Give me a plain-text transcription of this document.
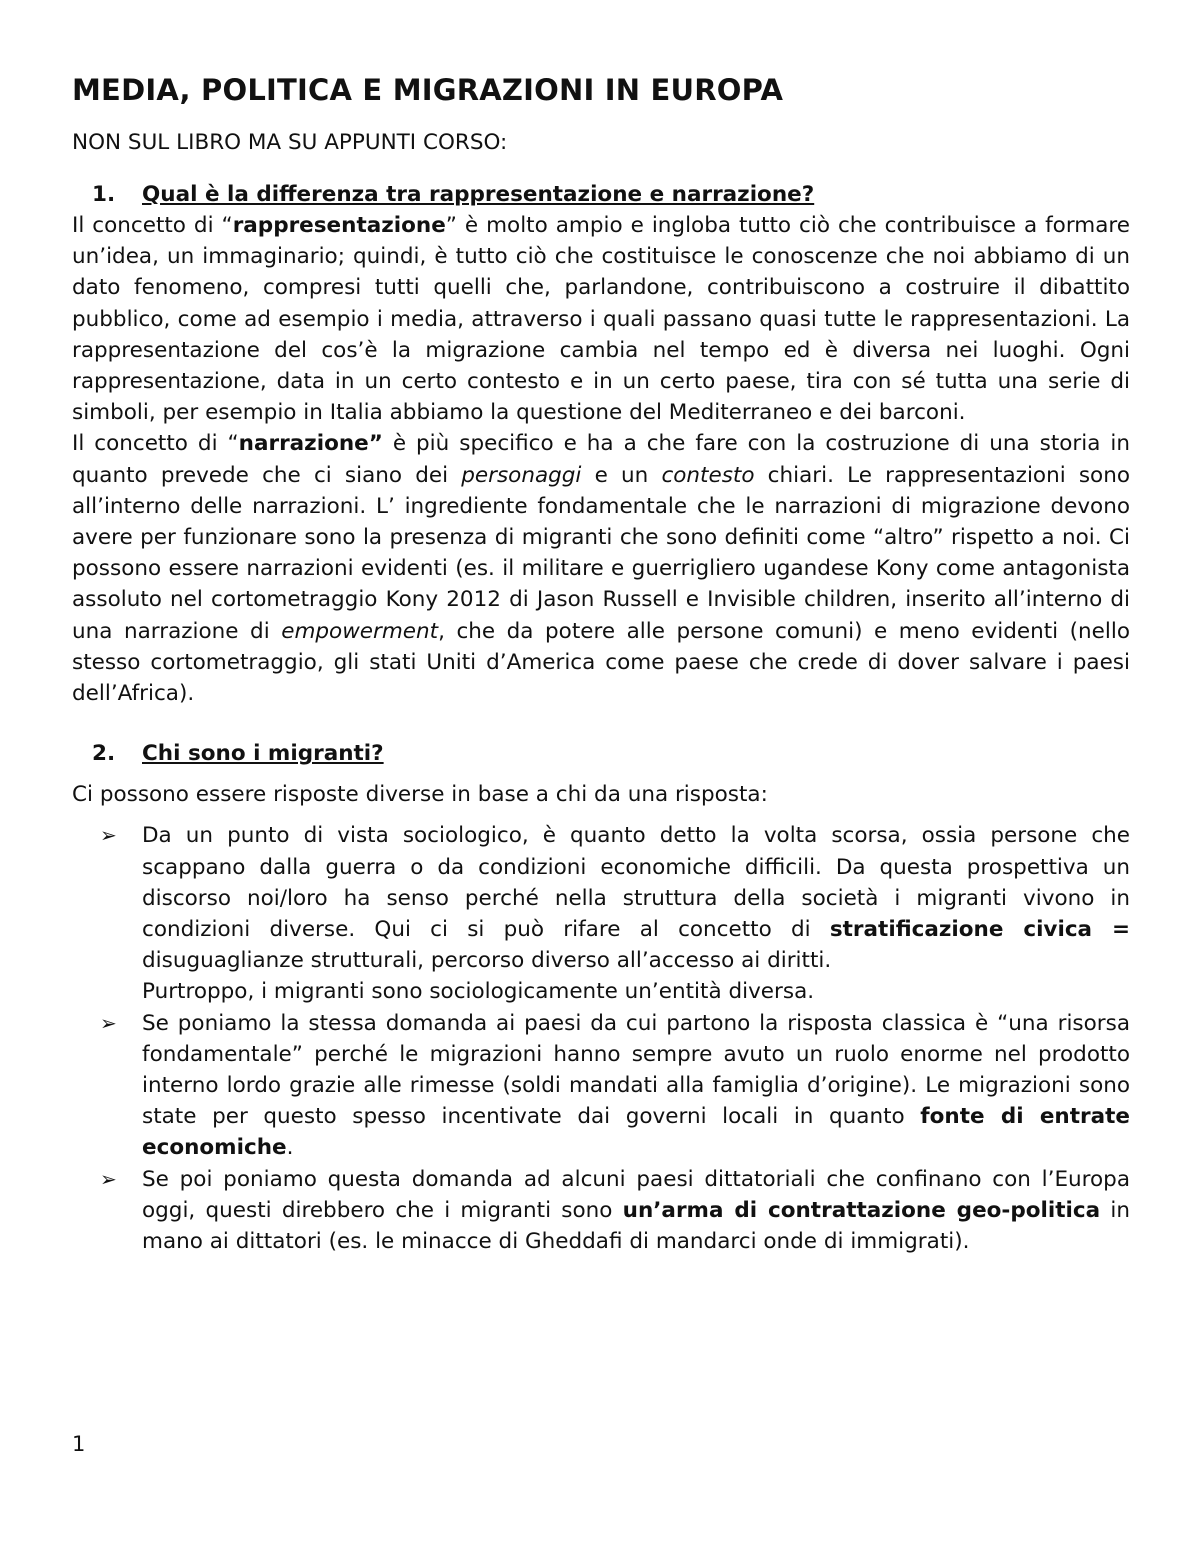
MEDIA, POLITICA E MIGRAZIONI IN EUROPA

NON SUL LIBRO MA SU APPUNTI CORSO:

1.	Qual è la differenza tra rappresentazione e narrazione?

Il concetto di “rappresentazione” è molto ampio e ingloba tutto ciò che contribuisce a formare un’idea, un immaginario; quindi, è tutto ciò che costituisce le conoscenze che noi abbiamo di un dato fenomeno, compresi tutti quelli che, parlandone, contribuiscono a costruire il dibattito pubblico, come ad esempio i media, attraverso i quali passano quasi tutte le rappresentazioni. La rappresentazione del cos’è la migrazione cambia nel tempo ed è diversa nei luoghi. Ogni rappresentazione, data in un certo contesto e in un certo paese, tira con sé tutta una serie di simboli, per esempio in Italia abbiamo la questione del Mediterraneo e dei barconi.

Il concetto di “narrazione” è più specifico e ha a che fare con la costruzione di una storia in quanto prevede che ci siano dei personaggi e un contesto chiari. Le rappresentazioni sono all’interno delle narrazioni. L’ ingrediente fondamentale che le narrazioni di migrazione devono avere per funzionare sono la presenza di migranti che sono definiti come “altro” rispetto a noi. Ci possono essere narrazioni evidenti (es. il militare e guerrigliero ugandese Kony come antagonista assoluto nel cortometraggio Kony 2012 di Jason Russell e Invisible children, inserito all’interno di una narrazione di empowerment, che da potere alle persone comuni) e meno evidenti (nello stesso cortometraggio, gli stati Uniti d’America come paese che crede di dover salvare i paesi dell’Africa).

2.	Chi sono i migranti?

Ci possono essere risposte diverse in base a chi da una risposta:

➢	Da un punto di vista sociologico, è quanto detto la volta scorsa, ossia persone che scappano dalla guerra o da condizioni economiche difficili. Da questa prospettiva un discorso noi/loro ha senso perché nella struttura della società i migranti vivono in condizioni diverse. Qui ci si può rifare al concetto di stratificazione civica = disuguaglianze strutturali, percorso diverso all’accesso ai diritti.
Purtroppo, i migranti sono sociologicamente un’entità diversa.
➢	Se poniamo la stessa domanda ai paesi da cui partono la risposta classica è “una risorsa fondamentale” perché le migrazioni hanno sempre avuto un ruolo enorme nel prodotto interno lordo grazie alle rimesse (soldi mandati alla famiglia d’origine). Le migrazioni sono state per questo spesso incentivate dai governi locali in quanto fonte di entrate economiche.
➢	Se poi poniamo questa domanda ad alcuni paesi dittatoriali che confinano con l’Europa oggi, questi direbbero che i migranti sono un’arma di contrattazione geo-politica in mano ai dittatori (es. le minacce di Gheddafi di mandarci onde di immigrati).
1
